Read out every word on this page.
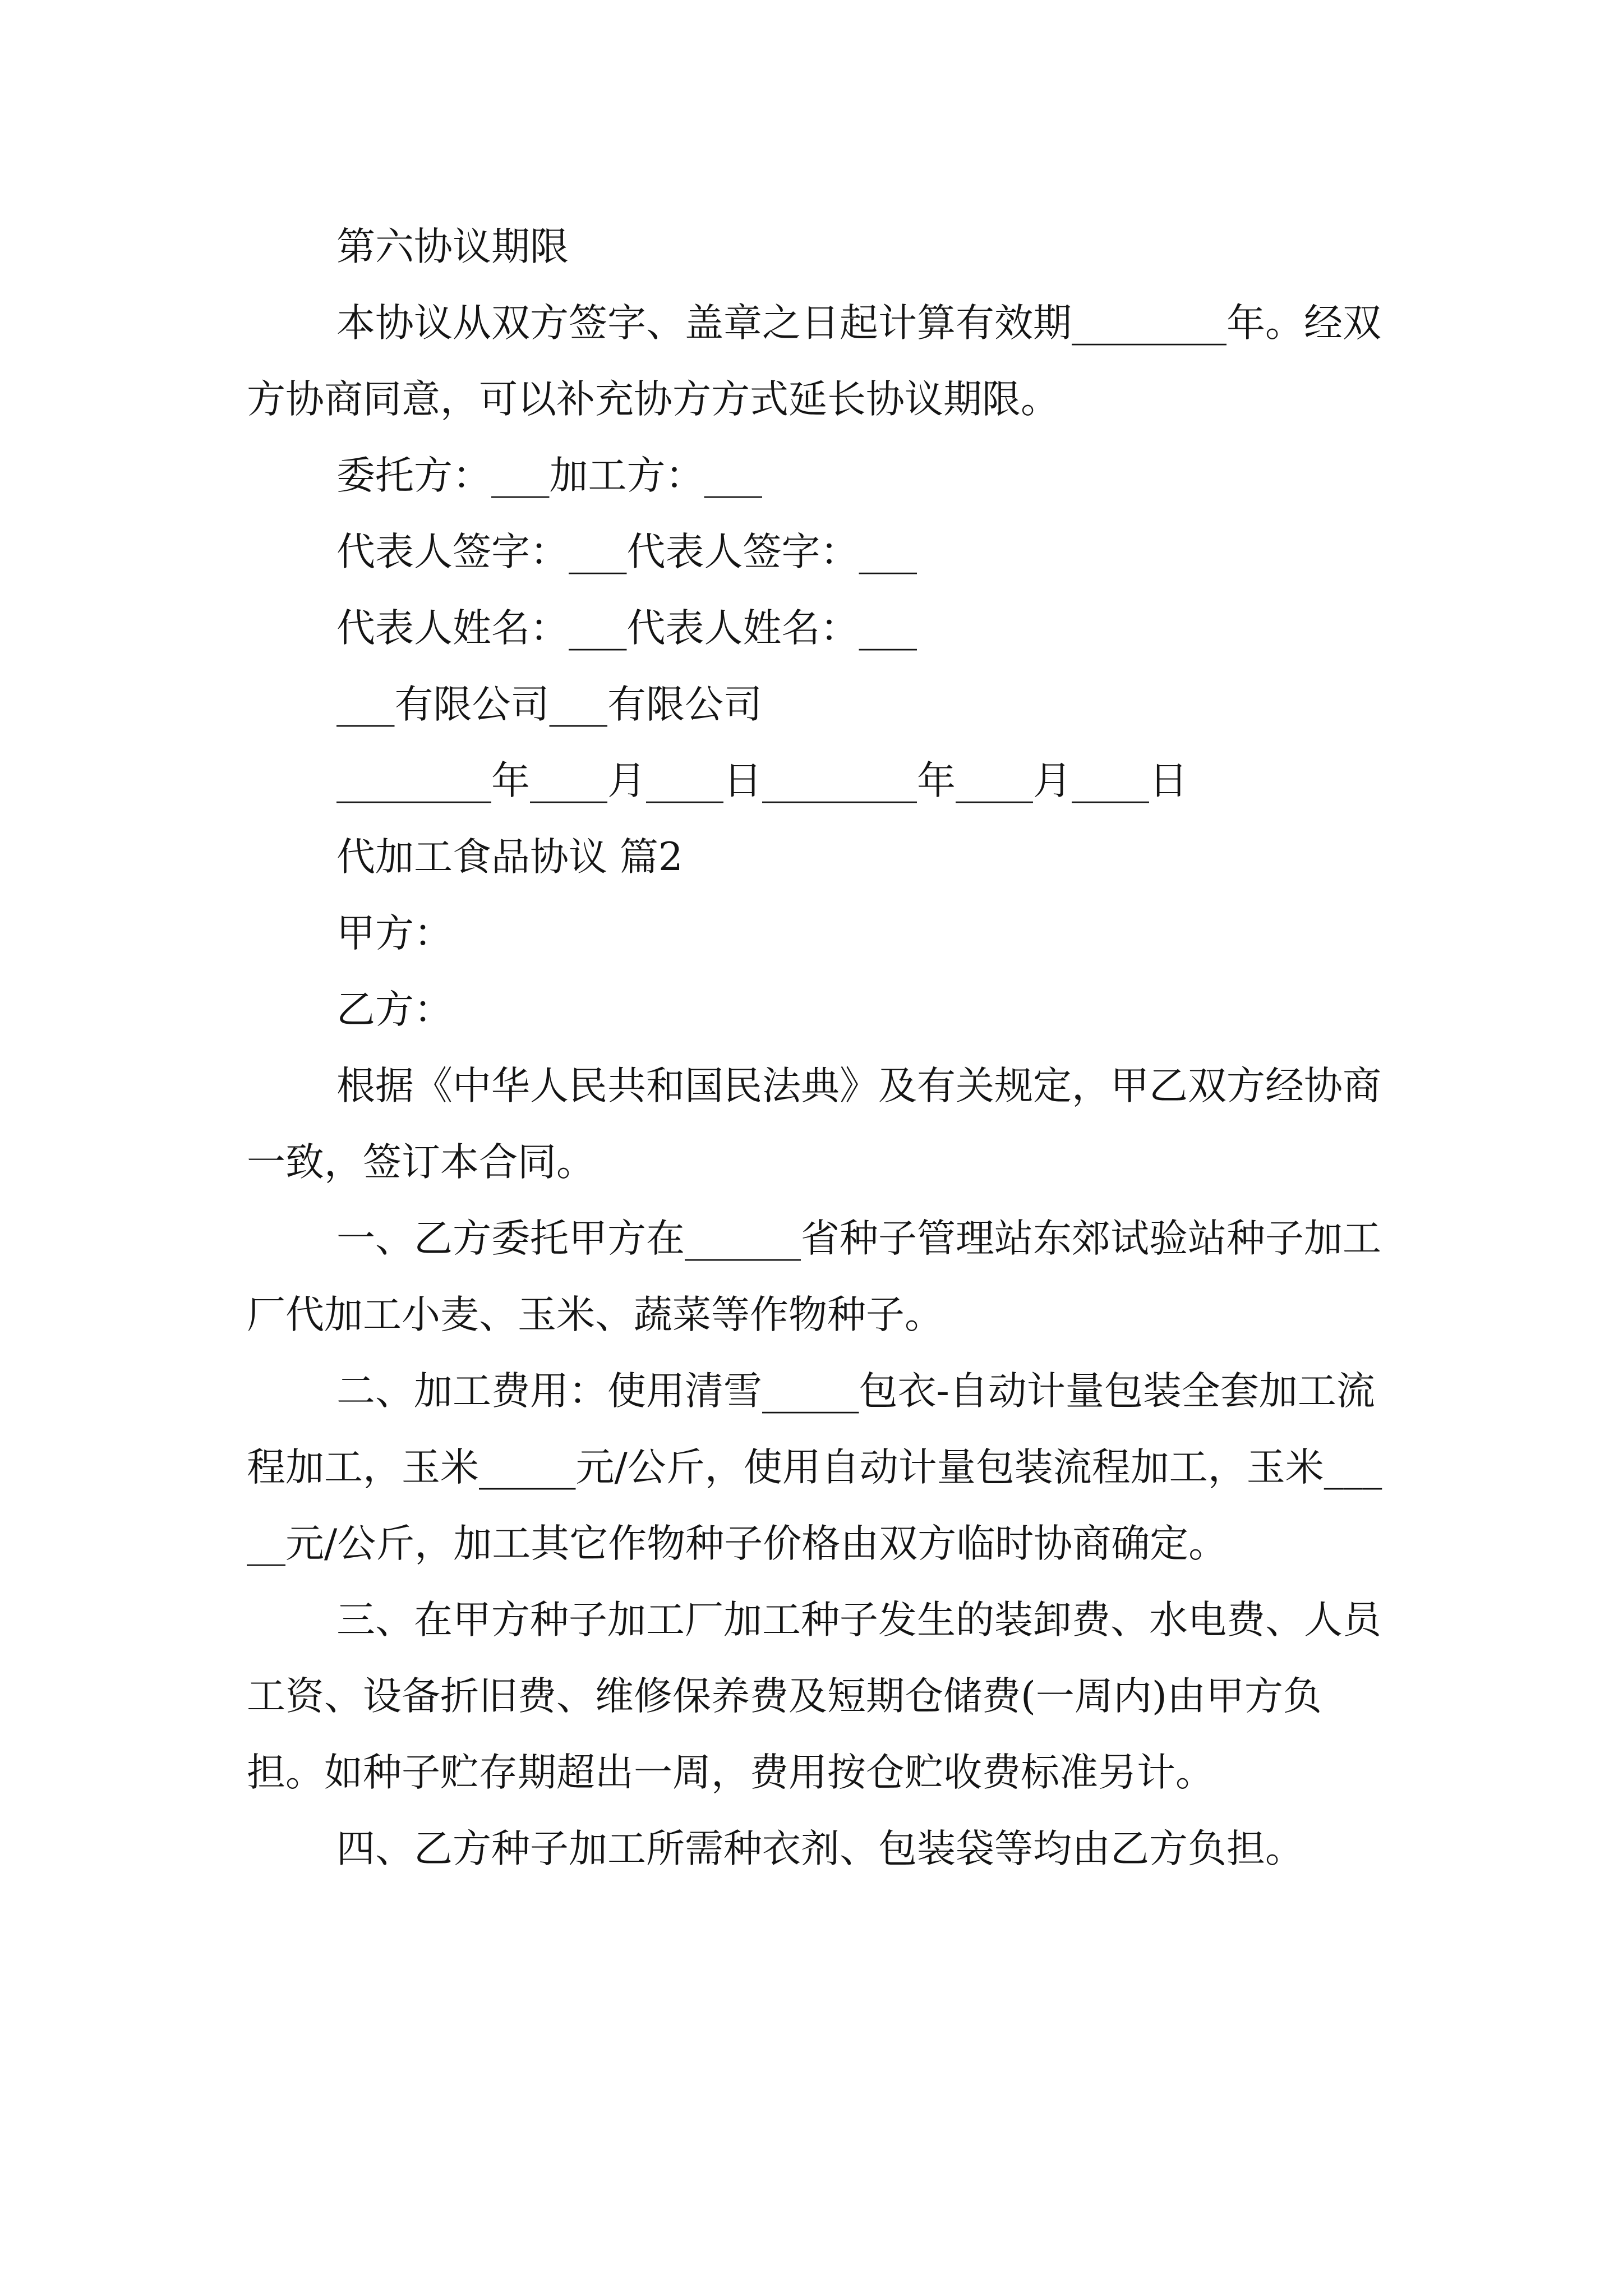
第六协议期限

本协议从双方签字、盖章之日起计算有效期________年。经双方协商同意，可以补充协方方式延长协议期限。

委托方：___加工方：___

代表人签字：___代表人签字：___

代表人姓名：___代表人姓名：___

___有限公司___有限公司

________年____月____日________年____月____日

代加工食品协议 篇2

甲方：

乙方：

根据《中华人民共和国民法典》及有关规定，甲乙双方经协商一致，签订本合同。

一、乙方委托甲方在______省种子管理站东郊试验站种子加工厂代加工小麦、玉米、蔬菜等作物种子。

二、加工费用：使用清雪_____包衣-自动计量包装全套加工流程加工，玉米_____元/公斤，使用自动计量包装流程加工，玉米_____元/公斤，加工其它作物种子价格由双方临时协商确定。

三、在甲方种子加工厂加工种子发生的装卸费、水电费、人员工资、设备折旧费、维修保养费及短期仓储费(一周内)由甲方负担。如种子贮存期超出一周，费用按仓贮收费标准另计。

四、乙方种子加工所需种衣剂、包装袋等均由乙方负担。
